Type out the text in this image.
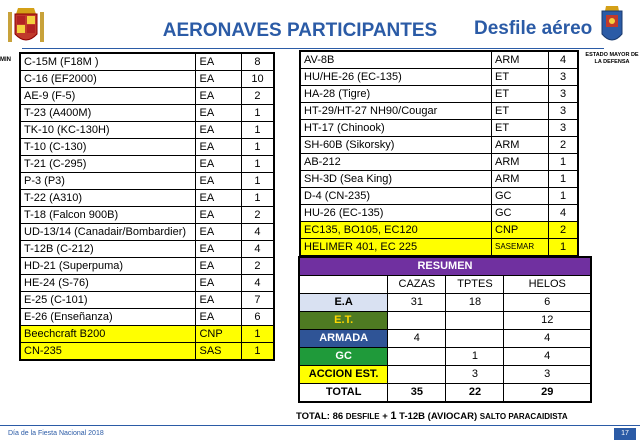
MIN
AERONAVES PARTICIPANTES	Desfile aéreo
ESTADO MAYOR DE LA DEFENSA
C-15M (F18M )	EA	8
C-16 (EF2000)	EA	10
AE-9 (F-5)	EA	2
T-23 (A400M)	EA	1
TK-10 (KC-130H)	EA	1
T-10 (C-130)	EA	1
T-21 (C-295)	EA	1
P-3 (P3)	EA	1
T-22 (A310)	EA	1
T-18 (Falcon 900B)	EA	2
UD-13/14 (Canadair/Bombardier)	EA	4
T-12B (C-212)	EA	4
HD-21 (Superpuma)	EA	2
HE-24 (S-76)	EA	4
E-25 (C-101)	EA	7
E-26 (Enseñanza)	EA	6
Beechcraft B200	CNP	1
CN-235	SAS	1
AV-8B	ARM	4
HU/HE-26 (EC-135)	ET	3
HA-28 (Tigre)	ET	3
HT-29/HT-27 NH90/Cougar	ET	3
HT-17 (Chinook)	ET	3
SH-60B (Sikorsky)	ARM	2
AB-212	ARM	1
SH-3D (Sea King)	ARM	1
D-4 (CN-235)	GC	1
HU-26 (EC-135)	GC	4
EC135, BO105, EC120	CNP	2
HELIMER 401, EC 225	SASEMAR	1

RESUMEN			
	CAZAS	TPTES	HELOS
E.A	31	18	6
E.T.			12
ARMADA	4		4
GC		1	4
ACCION EST.		3	3
TOTAL	35	22	29
TOTAL: 86 DESFILE + 1 T-12B (AVIOCAR) SALTO PARACAIDISTA
Día de la Fiesta Nacional 2018	17
